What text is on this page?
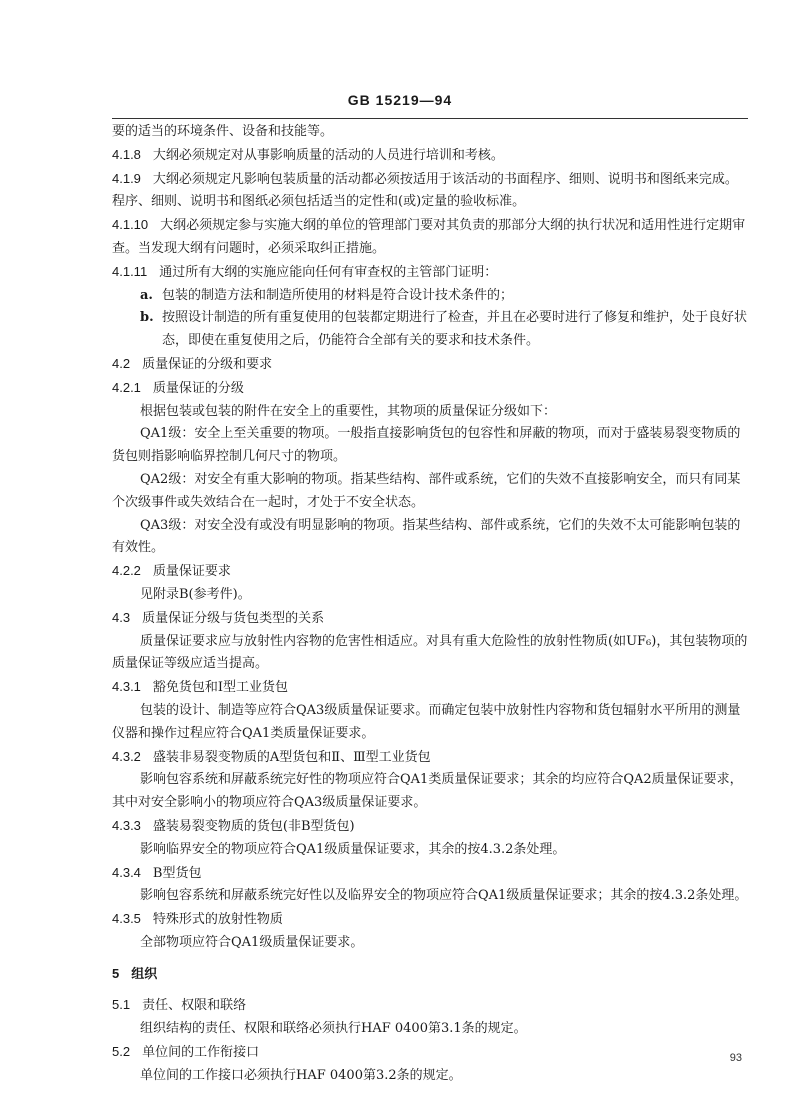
GB 15219—94

要的适当的环境条件、设备和技能等。

4.1.8 大纲必须规定对从事影响质量的活动的人员进行培训和考核。

4.1.9 大纲必须规定凡影响包装质量的活动都必须按适用于该活动的书面程序、细则、说明书和图纸来完成。程序、细则、说明书和图纸必须包括适当的定性和(或)定量的验收标准。

4.1.10 大纲必须规定参与实施大纲的单位的管理部门要对其负责的那部分大纲的执行状况和适用性进行定期审查。当发现大纲有问题时，必须采取纠正措施。

4.1.11 通过所有大纲的实施应能向任何有审查权的主管部门证明：

a. 包装的制造方法和制造所使用的材料是符合设计技术条件的；

b. 按照设计制造的所有重复使用的包装都定期进行了检查，并且在必要时进行了修复和维护，处于良好状态，即使在重复使用之后，仍能符合全部有关的要求和技术条件。

4.2 质量保证的分级和要求

4.2.1 质量保证的分级

根据包装或包装的附件在安全上的重要性，其物项的质量保证分级如下：

QA1级：安全上至关重要的物项。一般指直接影响货包的包容性和屏蔽的物项，而对于盛装易裂变物质的货包则指影响临界控制几何尺寸的物项。

QA2级：对安全有重大影响的物项。指某些结构、部件或系统，它们的失效不直接影响安全，而只有同某个次级事件或失效结合在一起时，才处于不安全状态。

QA3级：对安全没有或没有明显影响的物项。指某些结构、部件或系统，它们的失效不太可能影响包装的有效性。

4.2.2 质量保证要求

见附录B(参考件)。

4.3 质量保证分级与货包类型的关系

质量保证要求应与放射性内容物的危害性相适应。对具有重大危险性的放射性物质(如UF₆)，其包装物项的质量保证等级应适当提高。

4.3.1 豁免货包和Ⅰ型工业货包

包装的设计、制造等应符合QA3级质量保证要求。而确定包装中放射性内容物和货包辐射水平所用的测量仪器和操作过程应符合QA1类质量保证要求。

4.3.2 盛装非易裂变物质的A型货包和Ⅱ、Ⅲ型工业货包

影响包容系统和屏蔽系统完好性的物项应符合QA1类质量保证要求；其余的均应符合QA2质量保证要求，其中对安全影响小的物项应符合QA3级质量保证要求。

4.3.3 盛装易裂变物质的货包(非B型货包)

影响临界安全的物项应符合QA1级质量保证要求，其余的按4.3.2条处理。

4.3.4 B型货包

影响包容系统和屏蔽系统完好性以及临界安全的物项应符合QA1级质量保证要求；其余的按4.3.2条处理。

4.3.5 特殊形式的放射性物质

全部物项应符合QA1级质量保证要求。

5 组织

5.1 责任、权限和联络

组织结构的责任、权限和联络必须执行HAF 0400第3.1条的规定。

5.2 单位间的工作衔接口

单位间的工作接口必须执行HAF 0400第3.2条的规定。

93
